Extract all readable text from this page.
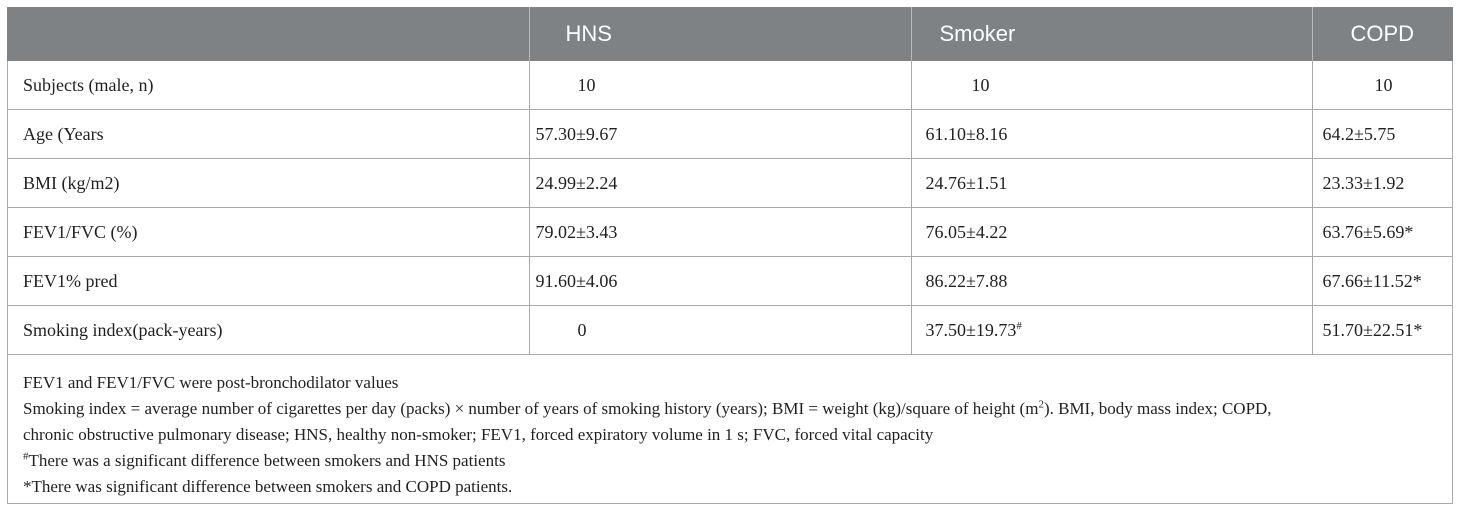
	HNS	Smoker	COPD
Subjects (male, n)	10	10	10
Age (Years	57.30±9.67	61.10±8.16	64.2±5.75
BMI (kg/m2)	24.99±2.24	24.76±1.51	23.33±1.92
FEV1/FVC (%)	79.02±3.43	76.05±4.22	63.76±5.69*
FEV1% pred	91.60±4.06	86.22±7.88	67.66±11.52*
Smoking index(pack-years)	0	37.50±19.73#	51.70±22.51*

FEV1 and FEV1/FVC were post-bronchodilator values

Smoking index = average number of cigarettes per day (packs) × number of years of smoking history (years); BMI = weight (kg)/square of height $(m^2)$. BMI, body mass index; COPD,

chronic obstructive pulmonary disease; HNS, healthy non-smoker; FEV1, forced expiratory volume in 1 s; FVC, forced vital capacity

#There was a significant difference between smokers and HNS patients

*There was significant difference between smokers and COPD patients.
